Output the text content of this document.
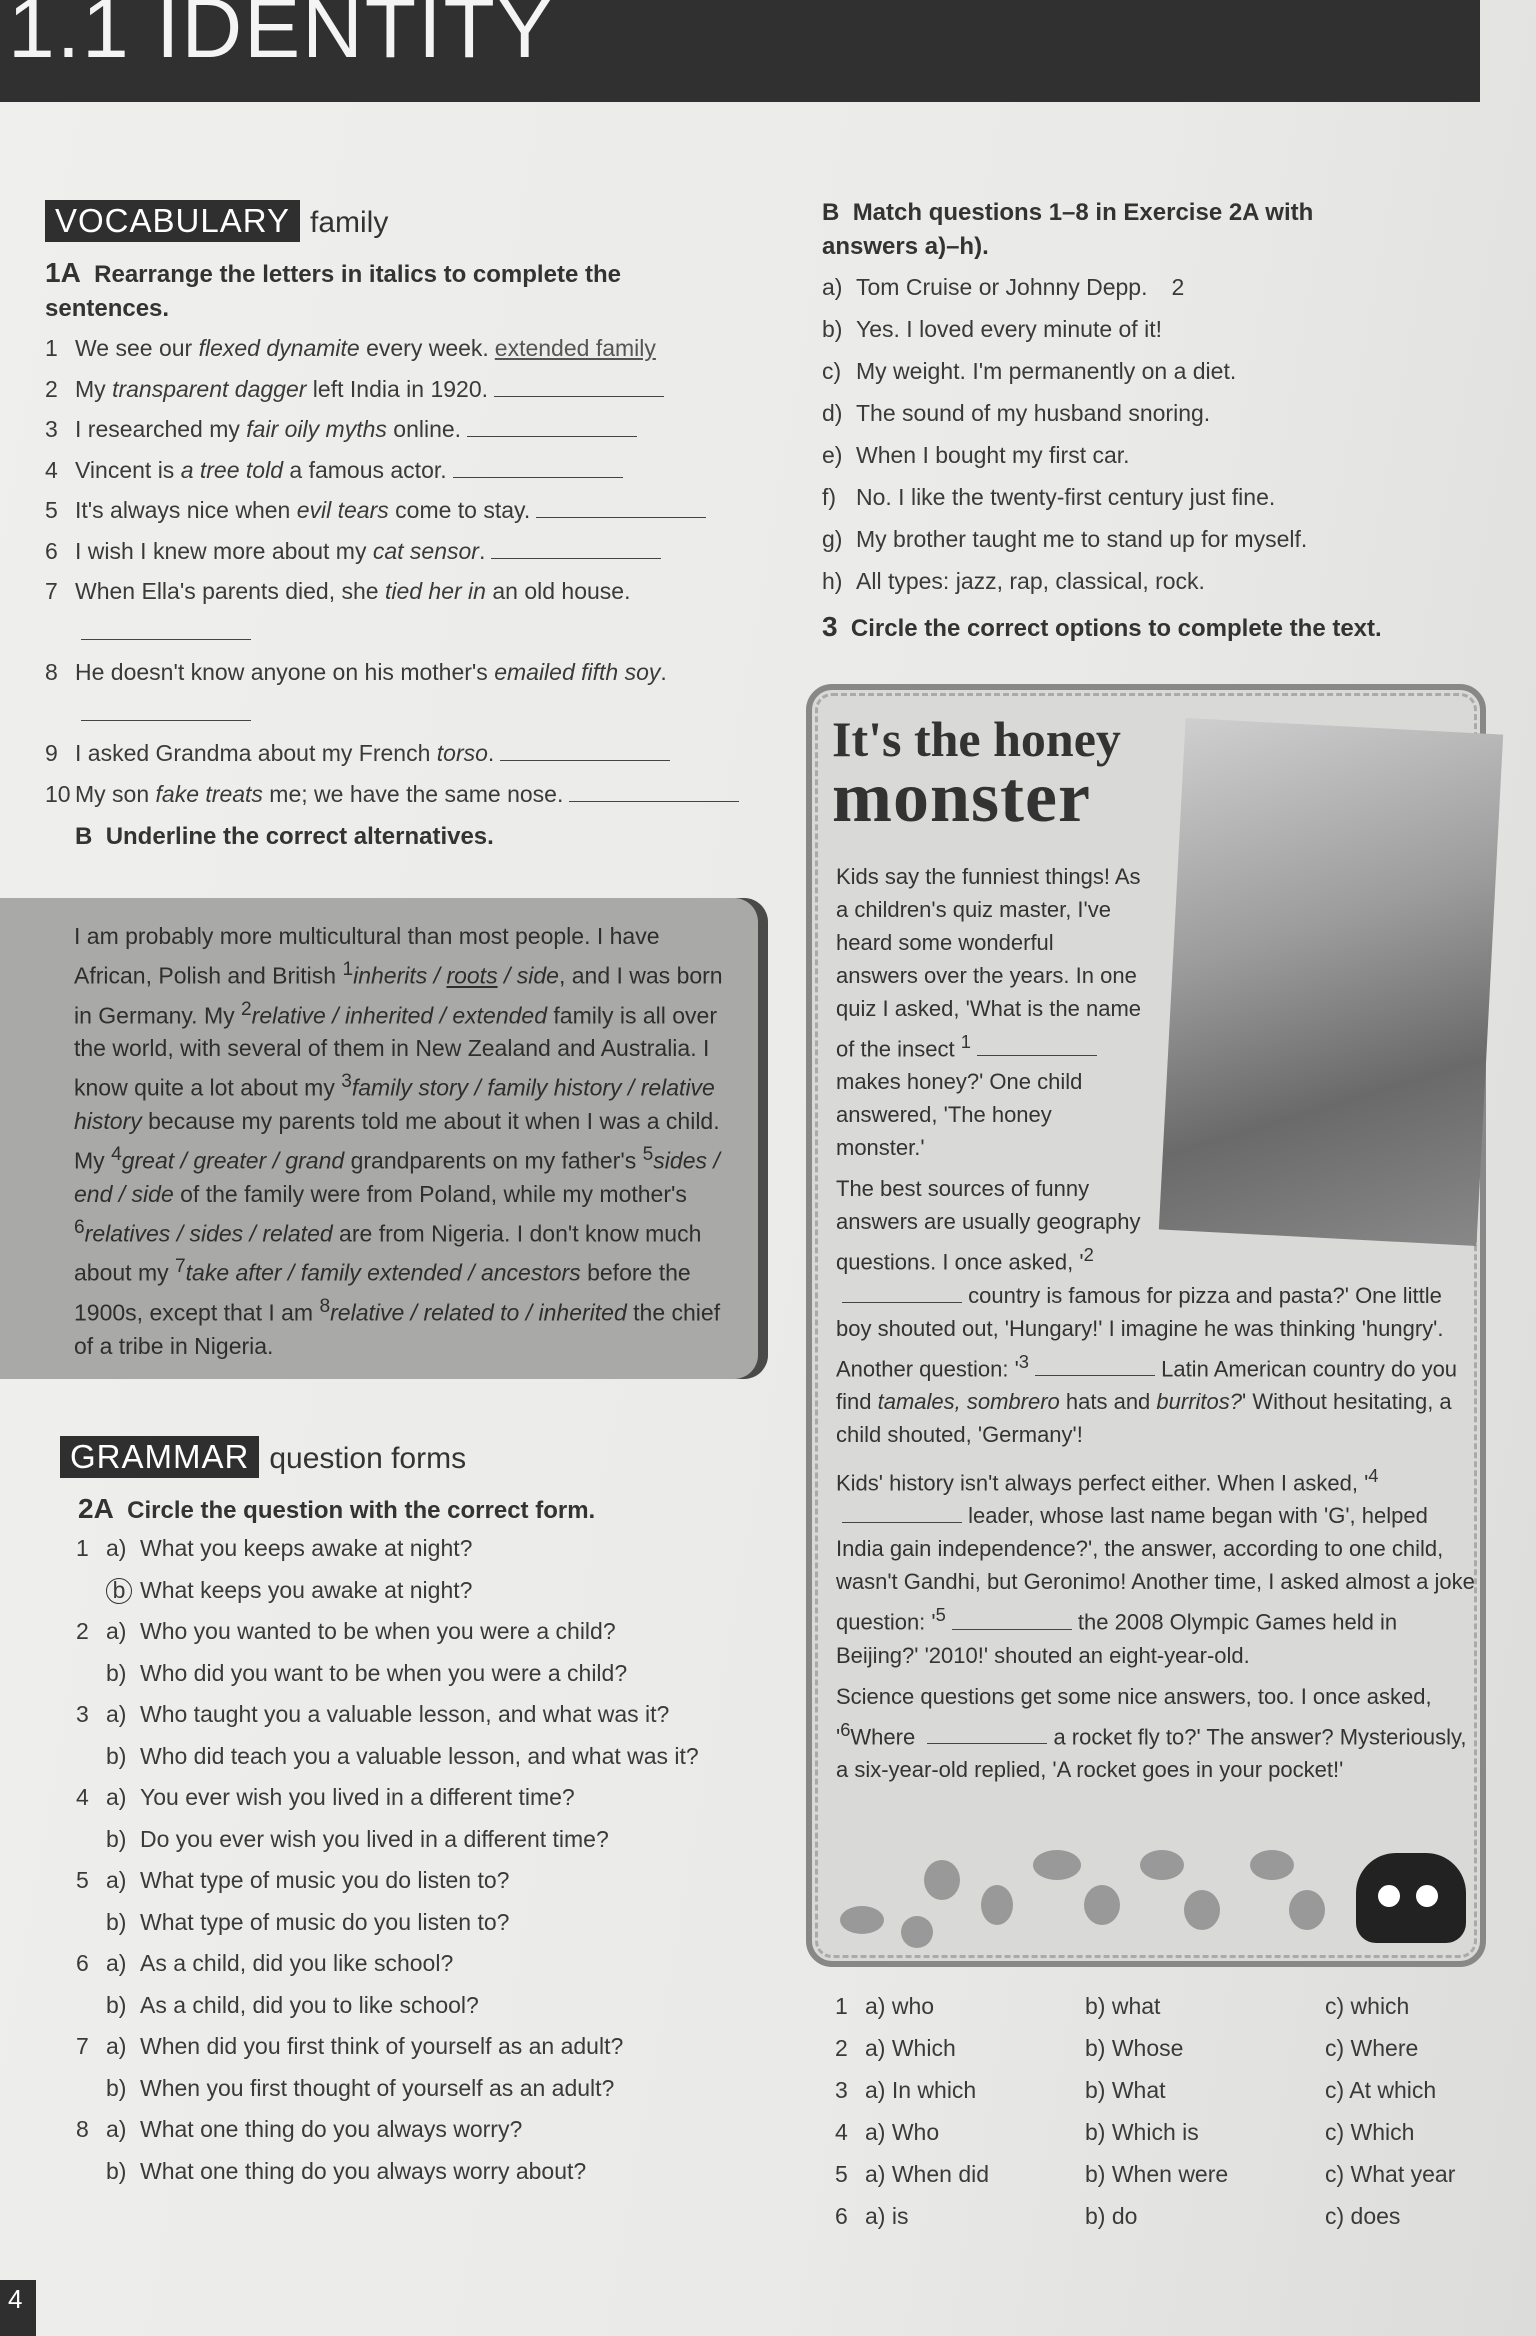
1.1 IDENTITY
VOCABULARY family
1A Rearrange the letters in italics to complete the sentences.
1 We see our flexed dynamite every week. extended family
2 My transparent dagger left India in 1920.
3 I researched my fair oily myths online.
4 Vincent is a tree told a famous actor.
5 It's always nice when evil tears come to stay.
6 I wish I knew more about my cat sensor.
7 When Ella's parents died, she tied her in an old house.
8 He doesn't know anyone on his mother's emailed fifth soy.
9 I asked Grandma about my French torso.
10 My son fake treats me; we have the same nose.
B Underline the correct alternatives.
I am probably more multicultural than most people. I have African, Polish and British $^1$inherits / roots / side, and I was born in Germany. My $^2$relative / inherited / extended family is all over the world, with several of them in New Zealand and Australia. I know quite a lot about my $^3$family story / family history / relative history because my parents told me about it when I was a child. My $^4$great / greater / grand grandparents on my father's $^5$sides / end / side of the family were from Poland, while my mother's $^6$relatives / sides / related are from Nigeria. I don't know much about my $^7$take after / family extended / ancestors before the 1900s, except that I am $^8$relative / related to / inherited the chief of a tribe in Nigeria.
GRAMMAR question forms
2A Circle the question with the correct form.
1 a) What you keeps awake at night?
b What keeps you awake at night?
2 a) Who you wanted to be when you were a child?
b) Who did you want to be when you were a child?
3 a) Who taught you a valuable lesson, and what was it?
b) Who did teach you a valuable lesson, and what was it?
4 a) You ever wish you lived in a different time?
b) Do you ever wish you lived in a different time?
5 a) What type of music you do listen to?
b) What type of music do you listen to?
6 a) As a child, did you like school?
b) As a child, did you to like school?
7 a) When did you first think of yourself as an adult?
b) When you first thought of yourself as an adult?
8 a) What one thing do you always worry?
b) What one thing do you always worry about?
B Match questions 1–8 in Exercise 2A with answers a)–h).
a) Tom Cruise or Johnny Depp. 2
b) Yes. I loved every minute of it!
c) My weight. I'm permanently on a diet.
d) The sound of my husband snoring.
e) When I bought my first car.
f) No. I like the twenty-first century just fine.
g) My brother taught me to stand up for myself.
h) All types: jazz, rap, classical, rock.
3 Circle the correct options to complete the text.
It's the honey
monster

Kids say the funniest things! As a children's quiz master, I've heard some wonderful answers over the years. In one quiz I asked, 'What is the name of the insect $^1$ makes honey?' One child answered, 'The honey monster.'

The best sources of funny answers are usually geography questions. I once asked, '$^2$ country is famous for pizza and pasta?' One little boy shouted out, 'Hungary!' I imagine he was thinking 'hungry'. Another question: '$^3$	Latin American country do you find tamales, sombrero hats and burritos?' Without hesitating, a child shouted, 'Germany'!

Kids' history isn't always perfect either. When I asked, '$^4$ leader, whose last name began with 'G', helped India gain independence?', the answer, according to one child, wasn't Gandhi, but Geronimo! Another time, I asked almost a joke question: '$^5$	the 2008 Olympic Games held in Beijing?' '2010!' shouted an eight-year-old.

Science questions get some nice answers, too. I once asked, '$^6Where$	a rocket fly to?' The answer? Mysteriously, a six-year-old replied, 'A rocket goes in your pocket!'

1 a) who	b) what	c) which
2 a) Which	b) Whose	c) Where
3 a) In which	b) What	c) At which
4 a) Who	b) Which is	c) Which
5 a) When did	b) When were	c) What year
6 a) is	b) do	c) does
4
